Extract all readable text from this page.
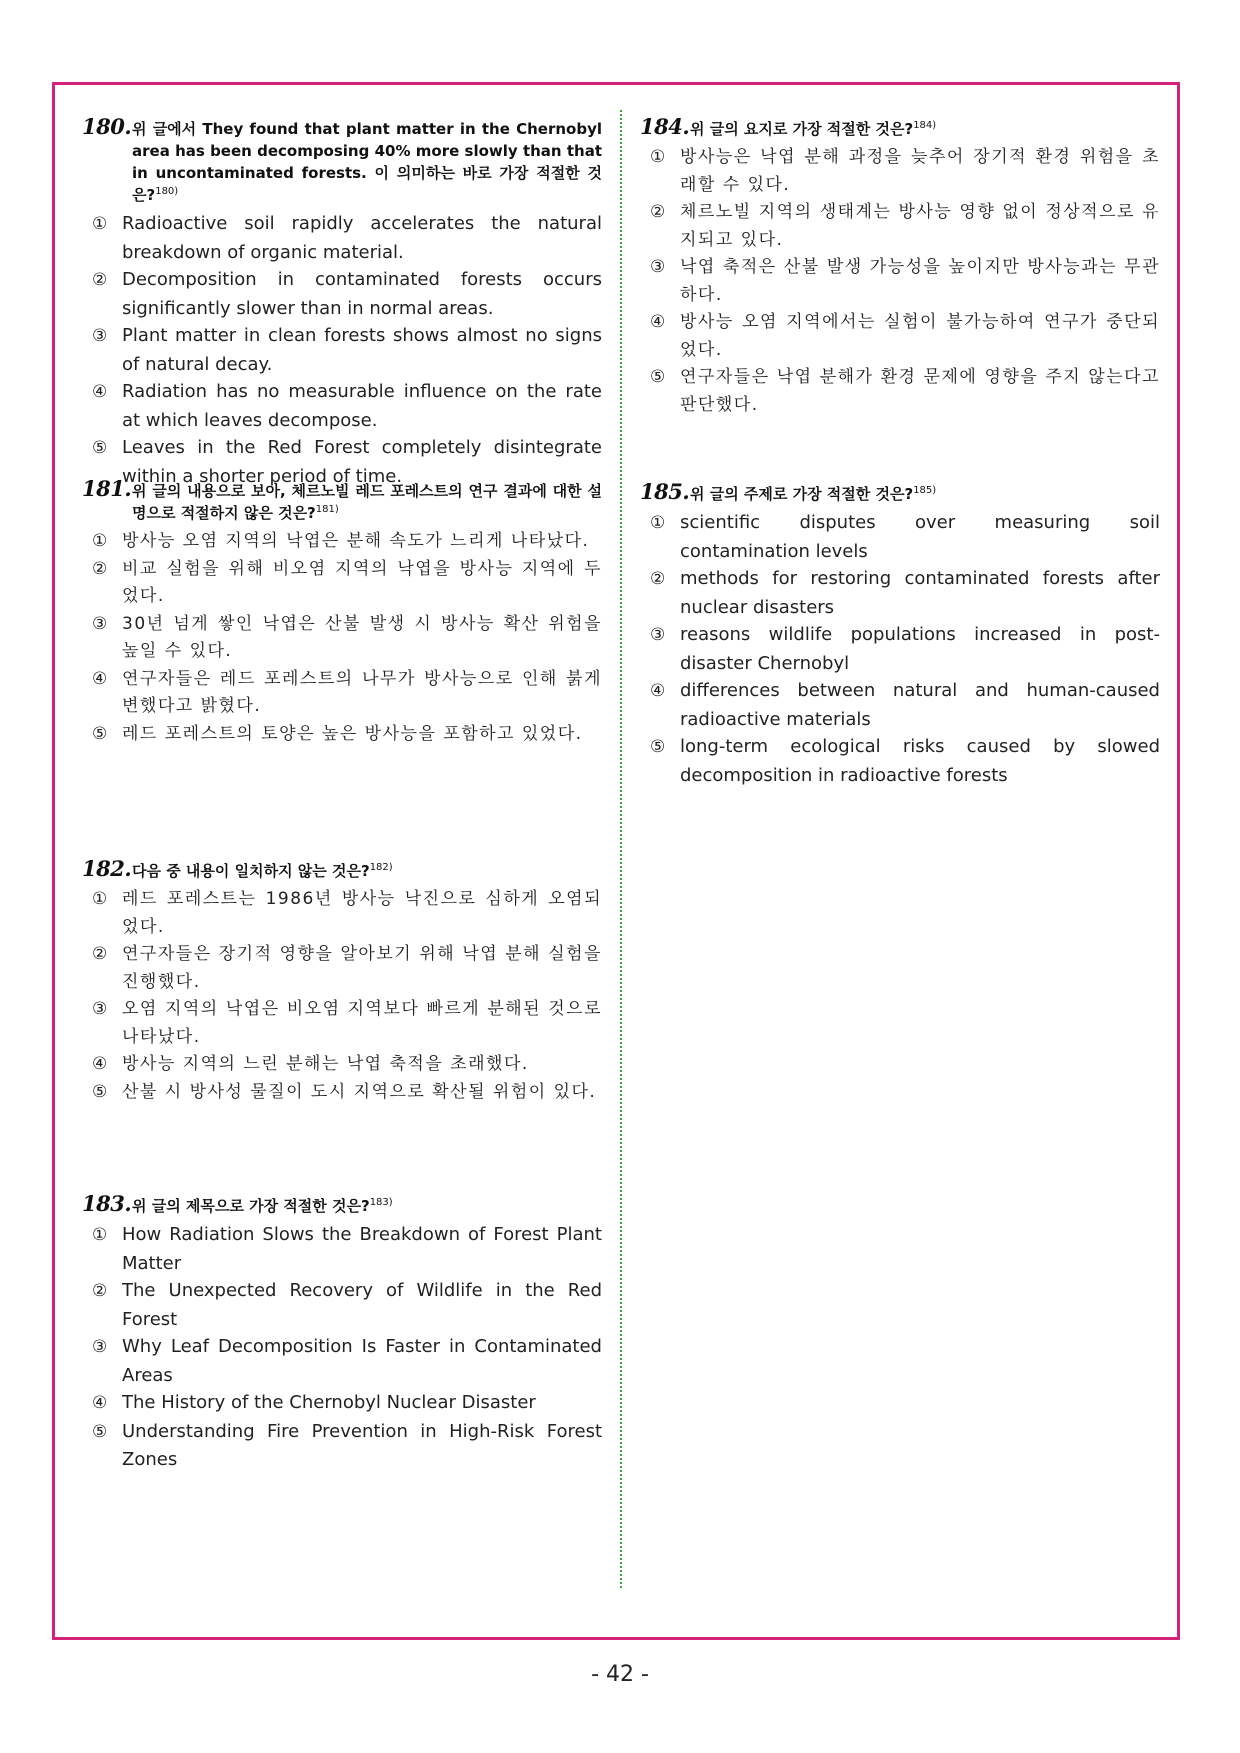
180.위 글에서 They found that plant matter in the Chernobyl area has been decomposing 40% more slowly than that in uncontaminated forests. 이 의미하는 바로 가장 적절한 것은?$^{180)}$
① Radioactive soil rapidly accelerates the natural breakdown of organic material.
② Decomposition in contaminated forests occurs significantly slower than in normal areas.
③ Plant matter in clean forests shows almost no signs of natural decay.
④ Radiation has no measurable influence on the rate at which leaves decompose.
⑤ Leaves in the Red Forest completely disintegrate within a shorter period of time.
181.위 글의 내용으로 보아, 체르노빌 레드 포레스트의 연구 결과에 대한 설명으로 적절하지 않은 것은?$^{181)}$
① 방사능 오염 지역의 낙엽은 분해 속도가 느리게 나타났다.
② 비교 실험을 위해 비오염 지역의 낙엽을 방사능 지역에 두었다.
③ 30년 넘게 쌓인 낙엽은 산불 발생 시 방사능 확산 위험을 높일 수 있다.
④ 연구자들은 레드 포레스트의 나무가 방사능으로 인해 붉게 변했다고 밝혔다.
⑤ 레드 포레스트의 토양은 높은 방사능을 포함하고 있었다.
182.다음 중 내용이 일치하지 않는 것은?$^{182)}$
① 레드 포레스트는 1986년 방사능 낙진으로 심하게 오염되었다.
② 연구자들은 장기적 영향을 알아보기 위해 낙엽 분해 실험을 진행했다.
③ 오염 지역의 낙엽은 비오염 지역보다 빠르게 분해된 것으로 나타났다.
④ 방사능 지역의 느린 분해는 낙엽 축적을 초래했다.
⑤ 산불 시 방사성 물질이 도시 지역으로 확산될 위험이 있다.
183.위 글의 제목으로 가장 적절한 것은?$^{183)}$
① How Radiation Slows the Breakdown of Forest Plant Matter
② The Unexpected Recovery of Wildlife in the Red Forest
③ Why Leaf Decomposition Is Faster in Contaminated Areas
④ The History of the Chernobyl Nuclear Disaster
⑤ Understanding Fire Prevention in High-Risk Forest Zones
184.위 글의 요지로 가장 적절한 것은?$^{184)}$
① 방사능은 낙엽 분해 과정을 늦추어 장기적 환경 위험을 초래할 수 있다.
② 체르노빌 지역의 생태계는 방사능 영향 없이 정상적으로 유지되고 있다.
③ 낙엽 축적은 산불 발생 가능성을 높이지만 방사능과는 무관하다.
④ 방사능 오염 지역에서는 실험이 불가능하여 연구가 중단되었다.
⑤ 연구자들은 낙엽 분해가 환경 문제에 영향을 주지 않는다고 판단했다.
185.위 글의 주제로 가장 적절한 것은?$^{185)}$
① scientific disputes over measuring soil contamination levels
② methods for restoring contaminated forests after nuclear disasters
③ reasons wildlife populations increased in post-disaster Chernobyl
④ differences between natural and human-caused radioactive materials
⑤ long-term ecological risks caused by slowed decomposition in radioactive forests
- 42 -
